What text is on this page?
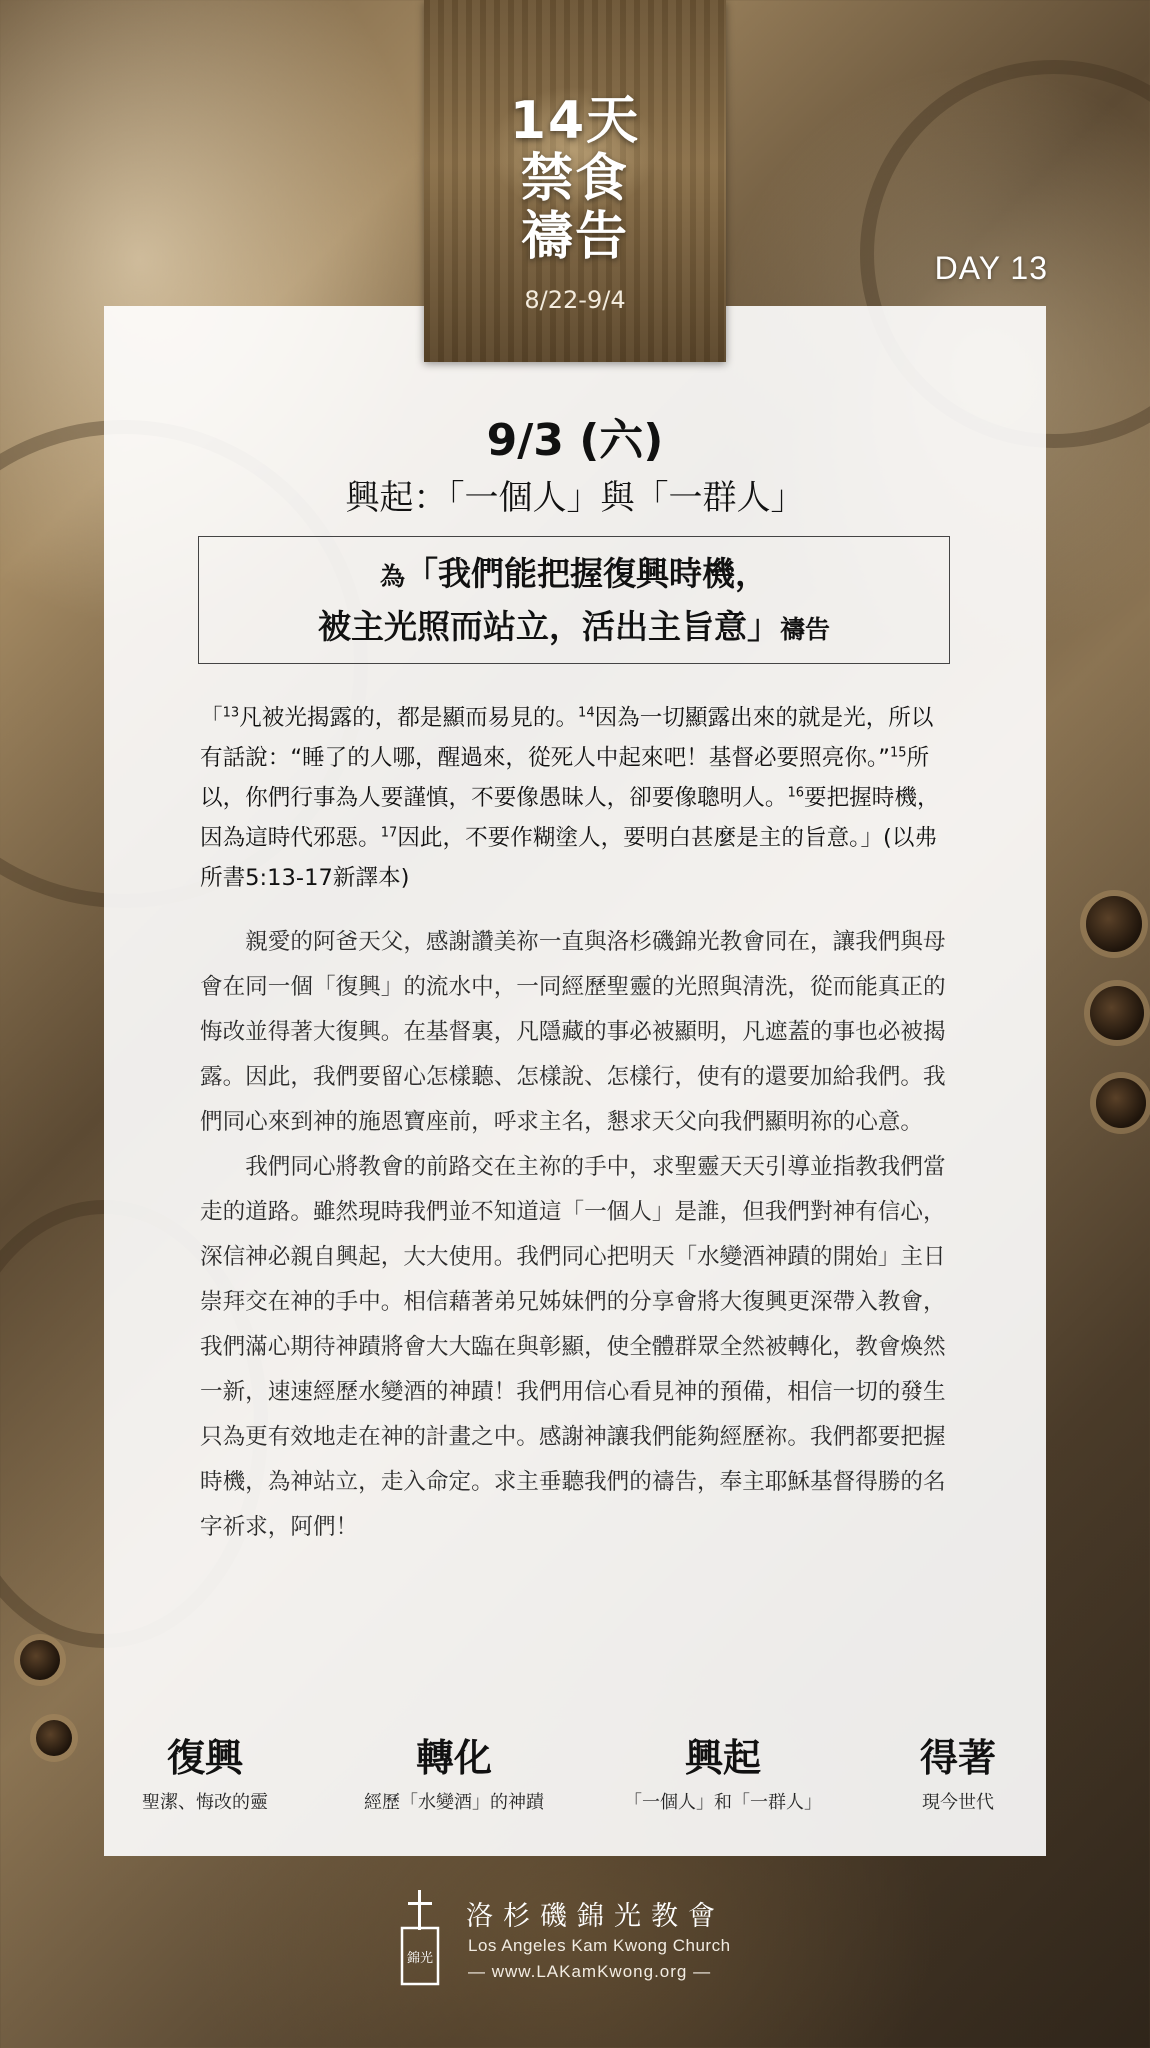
14天
禁食
禱告
8/22-9/4
DAY 13
9/3 (六)
興起：「一個人」與「一群人」
為「我們能把握復興時機，
被主光照而站立，活出主旨意」禱告
「$^{13}$凡被光揭露的，都是顯而易見的。$^{14}$因為一切顯露出來的就是光，所以有話說：“睡了的人哪，醒過來，從死人中起來吧！基督必要照亮你。”$^{15}$所以，你們行事為人要謹慎，不要像愚昧人，卻要像聰明人。$^{16}$要把握時機，因為這時代邪惡。$^{17}$因此，不要作糊塗人，要明白甚麼是主的旨意。」(以弗所書5:13-17新譯本)

親愛的阿爸天父，感謝讚美祢一直與洛杉磯錦光教會同在，讓我們與母會在同一個「復興」的流水中，一同經歷聖靈的光照與清洗，從而能真正的悔改並得著大復興。在基督裏，凡隱藏的事必被顯明，凡遮蓋的事也必被揭露。因此，我們要留心怎樣聽、怎樣說、怎樣行，使有的還要加給我們。我們同心來到神的施恩寶座前，呼求主名，懇求天父向我們顯明祢的心意。

我們同心將教會的前路交在主祢的手中，求聖靈天天引導並指教我們當走的道路。雖然現時我們並不知道這「一個人」是誰，但我們對神有信心，深信神必親自興起，大大使用。我們同心把明天「水變酒神蹟的開始」主日崇拜交在神的手中。相信藉著弟兄姊妹們的分享會將大復興更深帶入教會，我們滿心期待神蹟將會大大臨在與彰顯，使全體群眾全然被轉化，教會煥然一新，速速經歷水變酒的神蹟！我們用信心看見神的預備，相信一切的發生只為更有效地走在神的計畫之中。感謝神讓我們能夠經歷祢。我們都要把握時機，為神站立，走入命定。求主垂聽我們的禱告，奉主耶穌基督得勝的名字祈求，阿們！

復興
聖潔、悔改的靈
轉化
經歷「水變酒」的神蹟
興起
「一個人」和「一群人」
得著
現今世代
錦光
洛杉磯錦光教會
Los Angeles Kam Kwong Church
— www.LAKamKwong.org —
